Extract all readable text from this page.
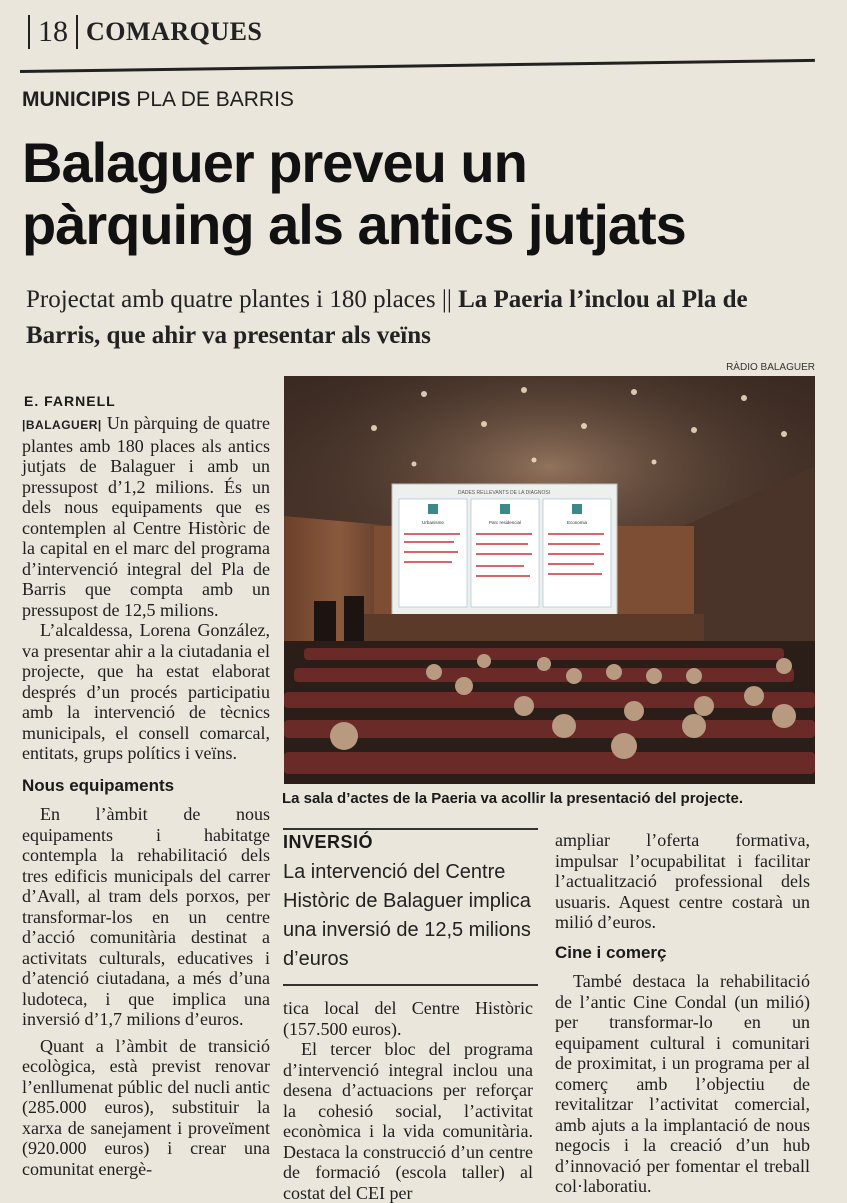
18 COMARQUES
MUNICIPIS PLA DE BARRIS
Balaguer preveu un
pàrquing als antics jutjats
Projectat amb quatre plantes i 180 places || La Paeria l’inclou al Pla de Barris, que ahir va presentar als veïns
RÀDIO BALAGUER
DADES RELLEVANTS DE LA DIAGNOSI
Urbanisme	Parc residencial	Economia
La sala d’actes de la Paeria va acollir la presentació del projecte.
E. FARNELL

|BALAGUER| Un pàrquing de quatre plantes amb 180 places als antics jutjats de Balaguer i amb un pressupost d’1,2 milions. És un dels nous equipaments que es contemplen al Centre Històric de la capital en el marc del programa d’intervenció integral del Pla de Barris que compta amb un pressupost de 12,5 milions.

L’alcaldessa, Lorena González, va presentar ahir a la ciutadania el projecte, que ha estat elaborat després d’un procés participatiu amb la intervenció de tècnics municipals, el consell comarcal, entitats, grups polítics i veïns.

Nous equipaments

En l’àmbit de nous equipaments i habitatge contempla la rehabilitació dels tres edificis municipals del carrer d’Avall, al tram dels porxos, per transformar-los en un centre d’acció comunitària destinat a activitats culturals, educatives i d’atenció ciutadana, a més d’una ludoteca, i que implica una inversió d’1,7 milions d’euros.

Quant a l’àmbit de transició ecològica, està previst renovar l’enllumenat públic del nucli antic (285.000 euros), substituir la xarxa de sanejament i proveïment (920.000 euros) i crear una comunitat energè-

INVERSIÓ
La intervenció del Centre Històric de Balaguer implica una inversió de 12,5 milions d’euros

tica local del Centre Històric (157.500 euros).

El tercer bloc del programa d’intervenció integral inclou una desena d’actuacions per reforçar la cohesió social, l’activitat econòmica i la vida comunitària. Destaca la construcció d’un centre de formació (escola taller) al costat del CEI per

ampliar l’oferta formativa, impulsar l’ocupabilitat i facilitar l’actualització professional dels usuaris. Aquest centre costarà un milió d’euros.

Cine i comerç

També destaca la rehabilitació de l’antic Cine Condal (un milió) per transformar-lo en un equipament cultural i comunitari de proximitat, i un programa per al comerç amb l’objectiu de revitalitzar l’activitat comercial, amb ajuts a la implantació de nous negocis i la creació d’un hub d’innovació per fomentar el treball col·laboratiu.
